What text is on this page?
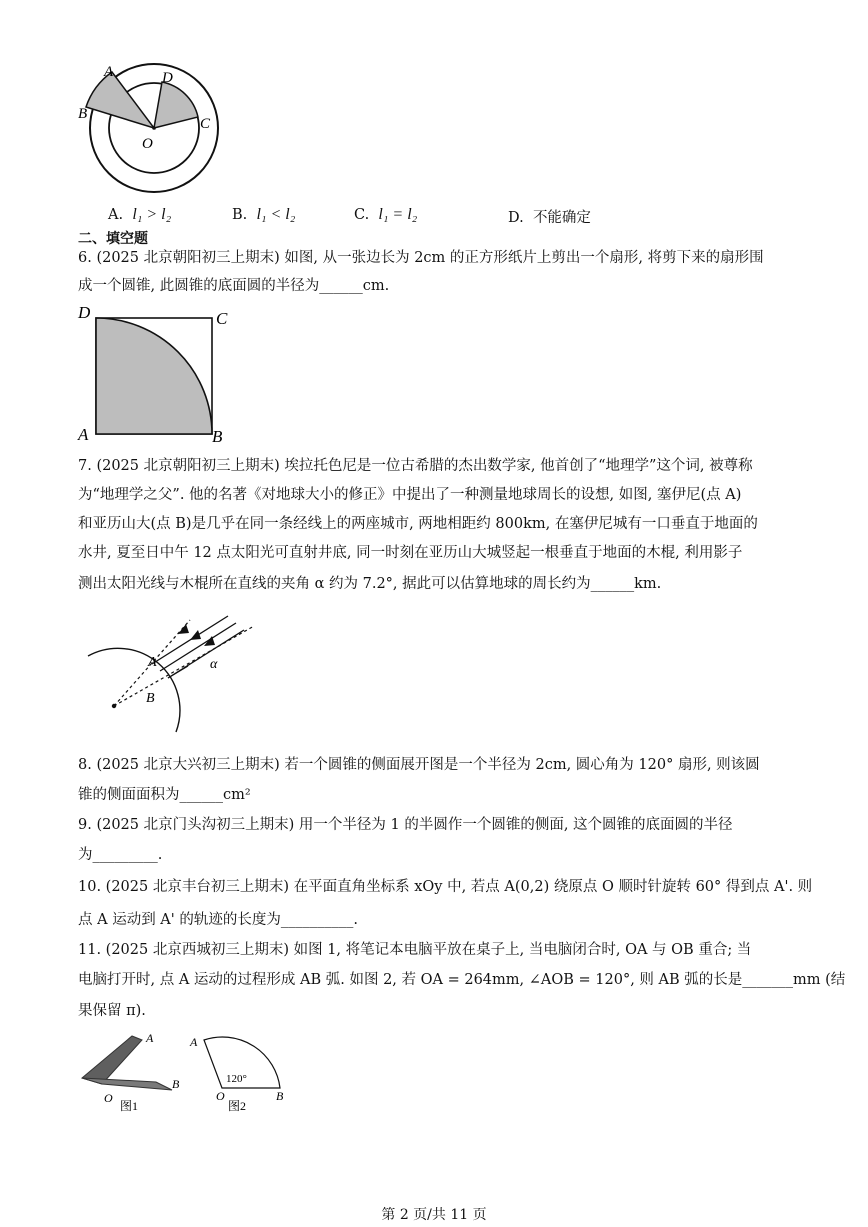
A	D
B
C
O
A. l₁ > l₂	B. l₁ < l₂	C. l₁ = l₂	D. 不能确定
二、填空题
6. (2025 北京朝阳初三上期末) 如图, 从一张边长为 2cm 的正方形纸片上剪出一个扇形, 将剪下来的扇形围
成一个圆锥, 此圆锥的底面圆的半径为______cm.
D	C
A	B
7. (2025 北京朝阳初三上期末) 埃拉托色尼是一位古希腊的杰出数学家, 他首创了“地理学”这个词, 被尊称
为“地理学之父”. 他的名著《对地球大小的修正》中提出了一种测量地球周长的设想, 如图, 塞伊尼(点 A)
和亚历山大(点 B)是几乎在同一条经线上的两座城市, 两地相距约 800km, 在塞伊尼城有一口垂直于地面的
水井, 夏至日中午 12 点太阳光可直射井底, 同一时刻在亚历山大城竖起一根垂直于地面的木棍, 利用影子
测出太阳光线与木棍所在直线的夹角 α 约为 7.2°, 据此可以估算地球的周长约为______km.
A
B
α
8. (2025 北京大兴初三上期末) 若一个圆锥的侧面展开图是一个半径为 2cm, 圆心角为 120° 扇形, 则该圆
锥的侧面面积为______cm²
9. (2025 北京门头沟初三上期末) 用一个半径为 1 的半圆作一个圆锥的侧面, 这个圆锥的底面圆的半径
为_________.
10. (2025 北京丰台初三上期末) 在平面直角坐标系 xOy 中, 若点 A(0,2) 绕原点 O 顺时针旋转 60° 得到点 A'. 则
点 A 运动到 A' 的轨迹的长度为__________.
11. (2025 北京西城初三上期末) 如图 1, 将笔记本电脑平放在桌子上, 当电脑闭合时, OA 与 OB 重合; 当
电脑打开时, 点 A 运动的过程形成 AB 弧. 如图 2, 若 OA = 264mm, ∠AOB = 120°, 则 AB 弧的长是_______mm (结
果保留 π).
A
B
O
图1
A
O	B
120°
图2
第 2 页/共 11 页
